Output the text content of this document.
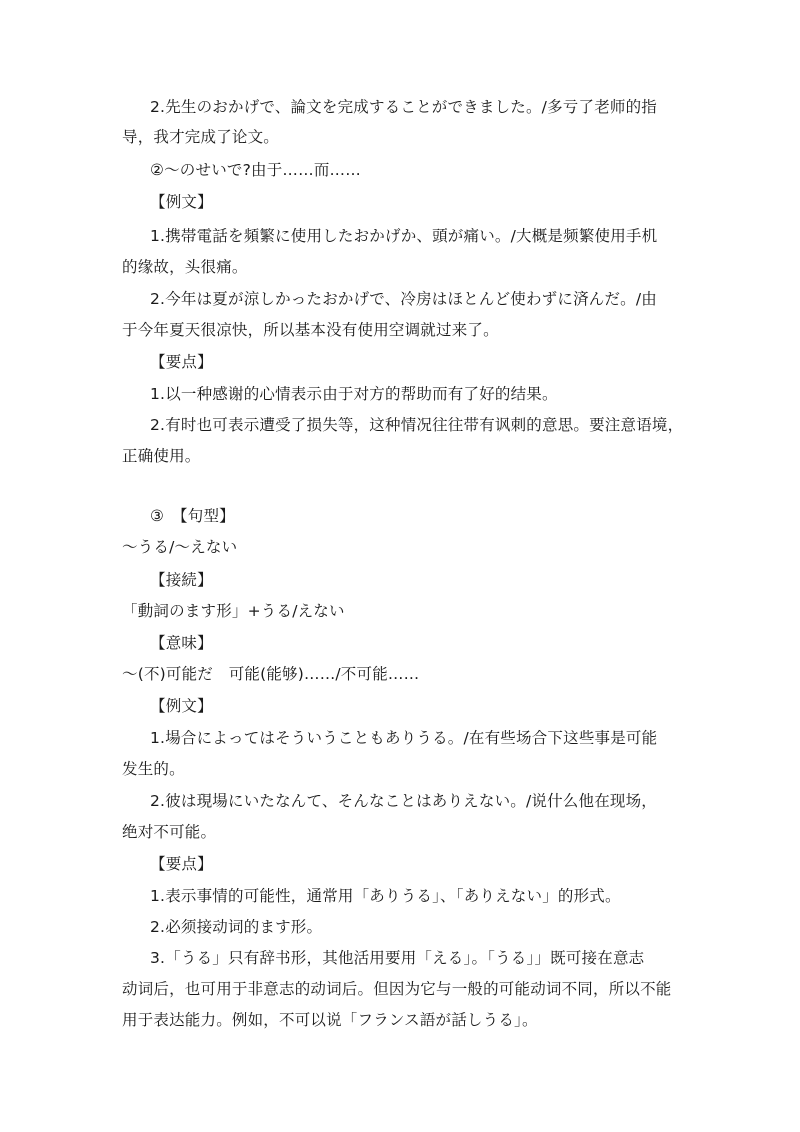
2.先生のおかげで、論文を完成することができました。/多亏了老师的指
导，我才完成了论文。
②～のせいで?由于……而……
【例文】
1.携帯電話を頻繁に使用したおかげか、頭が痛い。/大概是频繁使用手机
的缘故，头很痛。
2.今年は夏が涼しかったおかげで、冷房はほとんど使わずに済んだ。/由
于今年夏天很凉快，所以基本没有使用空调就过来了。
【要点】
1.以一种感谢的心情表示由于对方的帮助而有了好的结果。
2.有时也可表示遭受了损失等，这种情况往往带有讽刺的意思。要注意语境，
正确使用。
③　【句型】
～うる/～えない
【接続】
「動詞のます形」+うる/えない
【意味】
～(不)可能だ　可能(能够)……/不可能……
【例文】
1.場合によってはそういうこともありうる。/在有些场合下这些事是可能
发生的。
2.彼は現場にいたなんて、そんなことはありえない。/说什么他在现场，
绝对不可能。
【要点】
1.表示事情的可能性，通常用「ありうる」、「ありえない」的形式。
2.必须接动词的ます形。
3.「うる」只有辞书形，其他活用要用「える」。「うる」」既可接在意志
动词后，也可用于非意志的动词后。但因为它与一般的可能动词不同，所以不能
用于表达能力。例如，不可以说「フランス語が話しうる」。
